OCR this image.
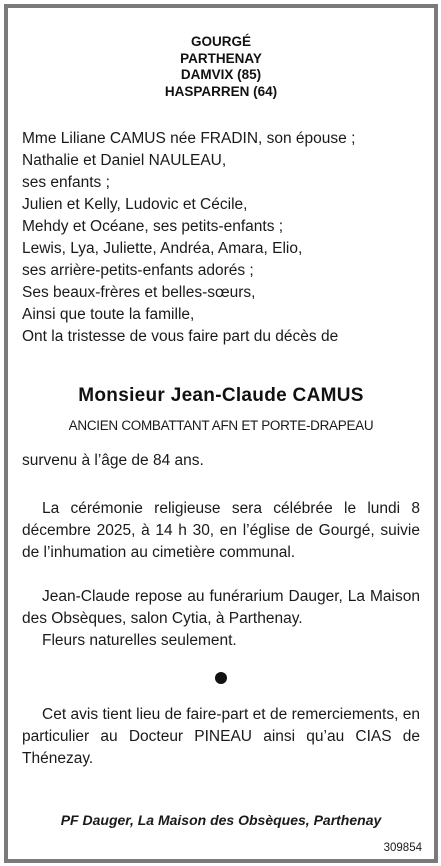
GOURGÉ
PARTHENAY
DAMVIX (85)
HASPARREN (64)
Mme Liliane CAMUS née FRADIN, son épouse ;
Nathalie et Daniel NAULEAU,
ses enfants ;
Julien et Kelly, Ludovic et Cécile,
Mehdy et Océane, ses petits-enfants ;
Lewis, Lya, Juliette, Andréa, Amara, Elio,
ses arrière-petits-enfants adorés ;
Ses beaux-frères et belles-sœurs,
Ainsi que toute la famille,
Ont la tristesse de vous faire part du décès de
Monsieur Jean-Claude CAMUS
ANCIEN COMBATTANT AFN ET PORTE-DRAPEAU
survenu à l’âge de 84 ans.
La cérémonie religieuse sera célébrée le lundi 8 décembre 2025, à 14 h 30, en l’église de Gourgé, suivie de l’inhumation au cimetière communal.
Jean-Claude repose au funérarium Dauger, La Maison des Obsèques, salon Cytia, à Parthenay.
Fleurs naturelles seulement.
Cet avis tient lieu de faire-part et de remerciements, en particulier au Docteur PINEAU ainsi qu’au CIAS de Thénezay.
PF Dauger, La Maison des Obsèques, Parthenay
309854
